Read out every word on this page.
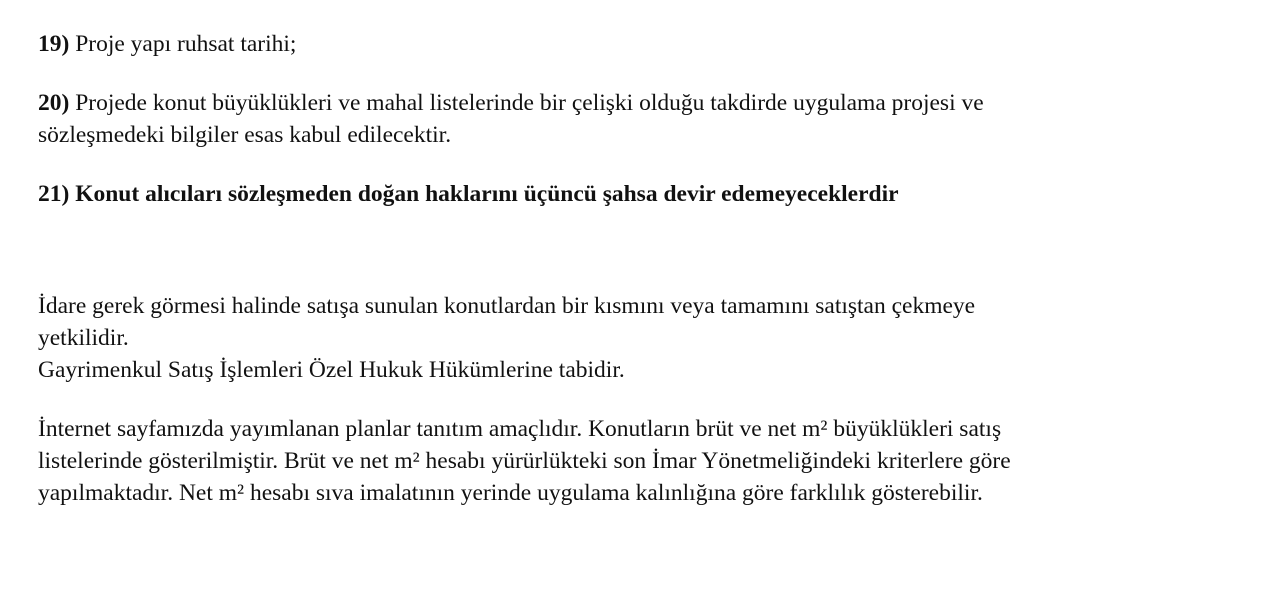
19) Proje yapı ruhsat tarihi;
20) Projede konut büyüklükleri ve mahal listelerinde bir çelişki olduğu takdirde uygulama projesi ve
sözleşmedeki bilgiler esas kabul edilecektir.
21) Konut alıcıları sözleşmeden doğan haklarını üçüncü şahsa devir edemeyeceklerdir
İdare gerek görmesi halinde satışa sunulan konutlardan bir kısmını veya tamamını satıştan çekmeye
yetkilidir.
Gayrimenkul Satış İşlemleri Özel Hukuk Hükümlerine tabidir.
İnternet sayfamızda yayımlanan planlar tanıtım amaçlıdır. Konutların brüt ve net m² büyüklükleri satış
listelerinde gösterilmiştir. Brüt ve net m² hesabı yürürlükteki son İmar Yönetmeliğindeki kriterlere göre
yapılmaktadır. Net m² hesabı sıva imalatının yerinde uygulama kalınlığına göre farklılık gösterebilir.
